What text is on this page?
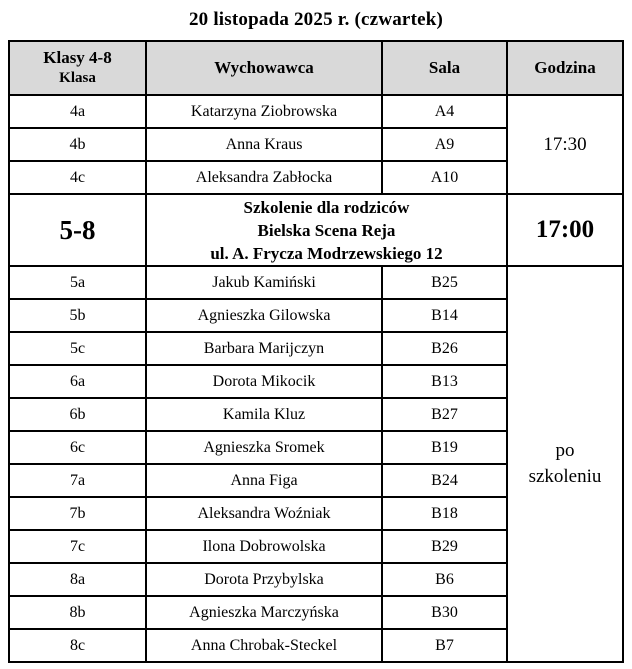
20 listopada 2025 r. (czwartek)
Klasy 4-8
Klasa	Wychowawca	Sala	Godzina
4a	Katarzyna Ziobrowska	A4	17:30
4b	Anna Kraus	A9	
4c	Aleksandra Zabłocka	A10	
5-8	Szkolenie dla rodziców
Bielska Scena Reja
ul. A. Frycza Modrzewskiego 12		17:00
5a	Jakub Kamiński	B25	po
szkoleniu

5b	Agnieszka Gilowska	B14	
5c	Barbara Marijczyn	B26	
6a	Dorota Mikocik	B13	
6b	Kamila Kluz	B27	
6c	Agnieszka Sromek	B19	
7a	Anna Figa	B24	
7b	Aleksandra Woźniak	B18	
7c	Ilona Dobrowolska	B29	
8a	Dorota Przybylska	B6	
8b	Agnieszka Marczyńska	B30	
8c	Anna Chrobak-Steckel	B7	
